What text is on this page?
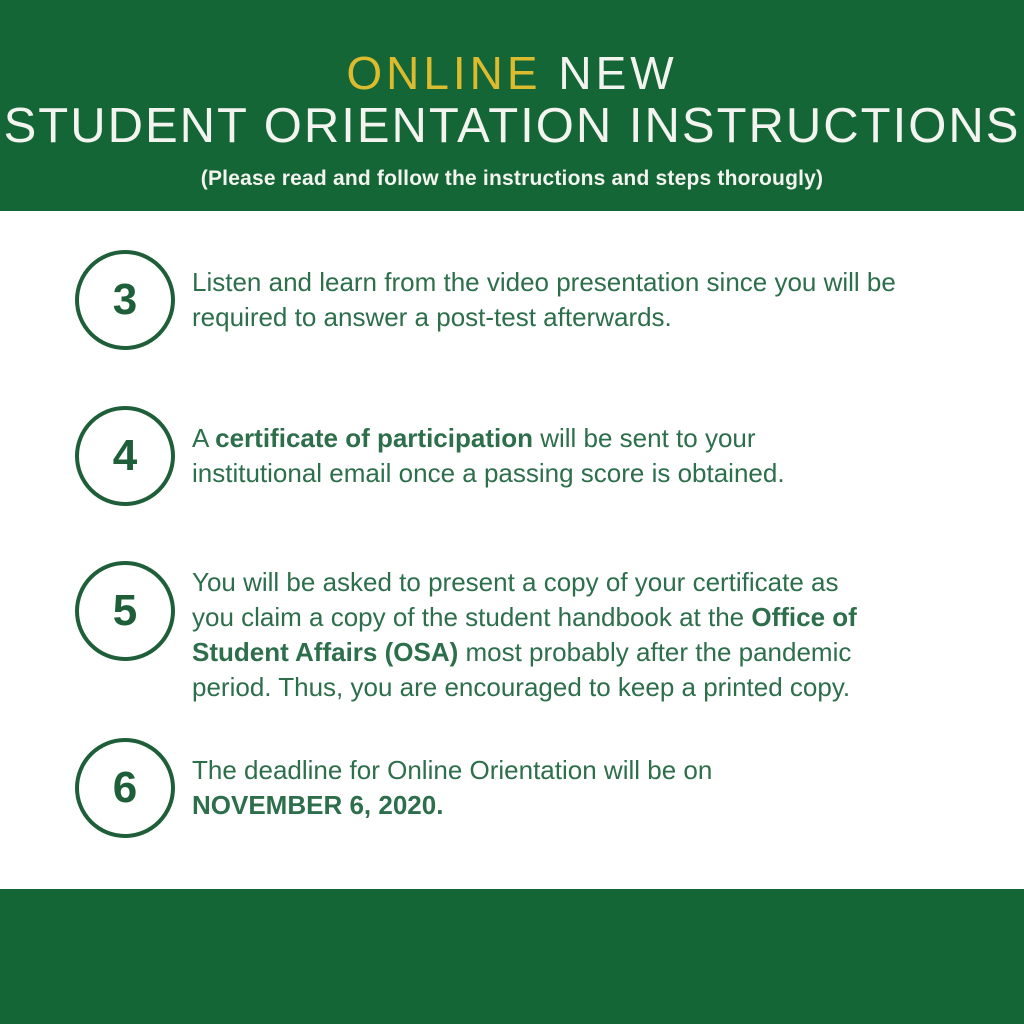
ONLINE NEW
STUDENT ORIENTATION INSTRUCTIONS
(Please read and follow the instructions and steps thorougly)
3 Listen and learn from the video presentation since you will be
required to answer a post-test afterwards.
4 A certificate of participation will be sent to your
institutional email once a passing score is obtained.
5
You will be asked to present a copy of your certificate as
you claim a copy of the student handbook at the Office of
Student Affairs (OSA) most probably after the pandemic
period. Thus, you are encouraged to keep a printed copy.
6 The deadline for Online Orientation will be on
NOVEMBER 6, 2020.
